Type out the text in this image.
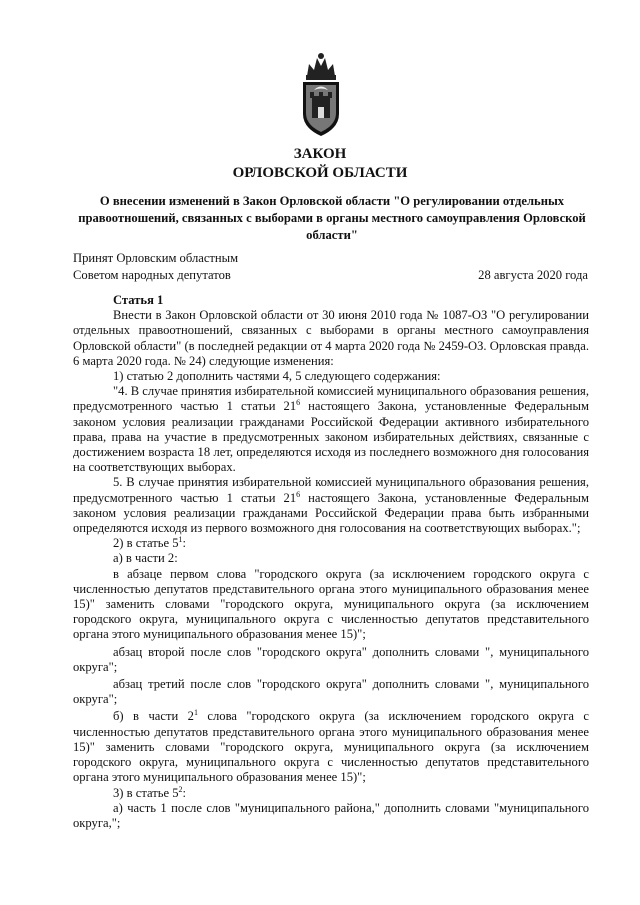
ЗАКОН
ОРЛОВСКОЙ ОБЛАСТИ

О внесении изменений в Закон Орловской области "О регулировании отдельных правоотношений, связанных с выборами в органы местного самоуправления Орловской области"

Принят Орловским областным
Советом народных депутатов	28 августа 2020 года

Статья 1

Внести в Закон Орловской области от 30 июня 2010 года № 1087-ОЗ "О регулировании отдельных правоотношений, связанных с выборами в органы местного самоуправления Орловской области" (в последней редакции от 4 марта 2020 года № 2459-ОЗ. Орловская правда. 6 марта 2020 года. № 24) следующие изменения:

1) статью 2 дополнить частями 4, 5 следующего содержания:

"4. В случае принятия избирательной комиссией муниципального образования решения, предусмотренного частью 1 статьи $21^6$ настоящего Закона, установленные Федеральным законом условия реализации гражданами Российской Федерации активного избирательного права, права на участие в предусмотренных законом избирательных действиях, связанные с достижением возраста 18 лет, определяются исходя из последнего возможного дня голосования на соответствующих выборах.

5. В случае принятия избирательной комиссией муниципального образования решения, предусмотренного частью 1 статьи $21^6$ настоящего Закона, установленные Федеральным законом условия реализации гражданами Российской Федерации права быть избранными определяются исходя из первого возможного дня голосования на соответствующих выборах.";

2) в статье $5^1$:

а) в части 2:

в абзаце первом слова "городского округа (за исключением городского округа с численностью депутатов представительного органа этого муниципального образования менее 15)" заменить словами "городского округа, муниципального округа (за исключением городского округа, муниципального округа с численностью депутатов представительного органа этого муниципального образования менее 15)";

абзац второй после слов "городского округа" дополнить словами ", муниципального округа";

абзац третий после слов "городского округа" дополнить словами ", муниципального округа";

б) в части $2^1$ слова "городского округа (за исключением городского округа с численностью депутатов представительного органа этого муниципального образования менее 15)" заменить словами "городского округа, муниципального округа (за исключением городского округа, муниципального округа с численностью депутатов представительного органа этого муниципального образования менее 15)";

3) в статье $5^2$:

а) часть 1 после слов "муниципального района," дополнить словами "муниципального округа,";
